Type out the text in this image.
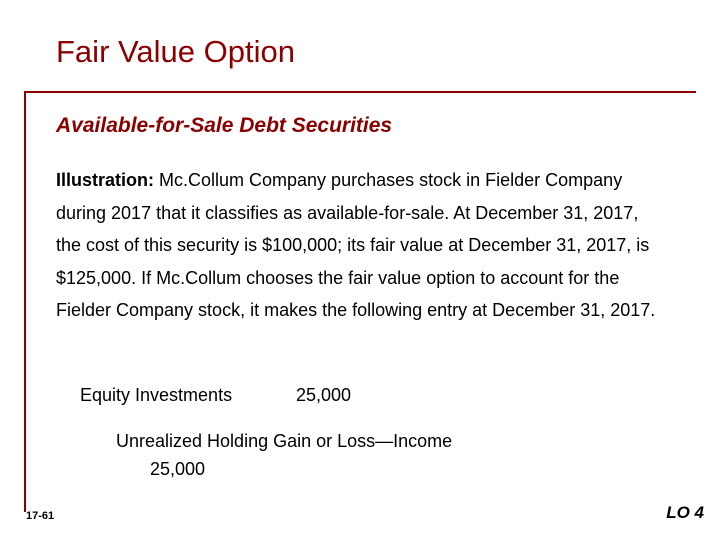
Fair Value Option
Available-for-Sale Debt Securities
Illustration: Mc.Collum Company purchases stock in Fielder Company during 2017 that it classifies as available-for-sale. At December 31, 2017, the cost of this security is $100,000; its fair value at December 31, 2017, is $125,000. If Mc.Collum chooses the fair value option to account for the Fielder Company stock, it makes the following entry at December 31, 2017.
Equity Investments	25,000
Unrealized Holding Gain or Loss—Income
25,000
17-61	LO 4
